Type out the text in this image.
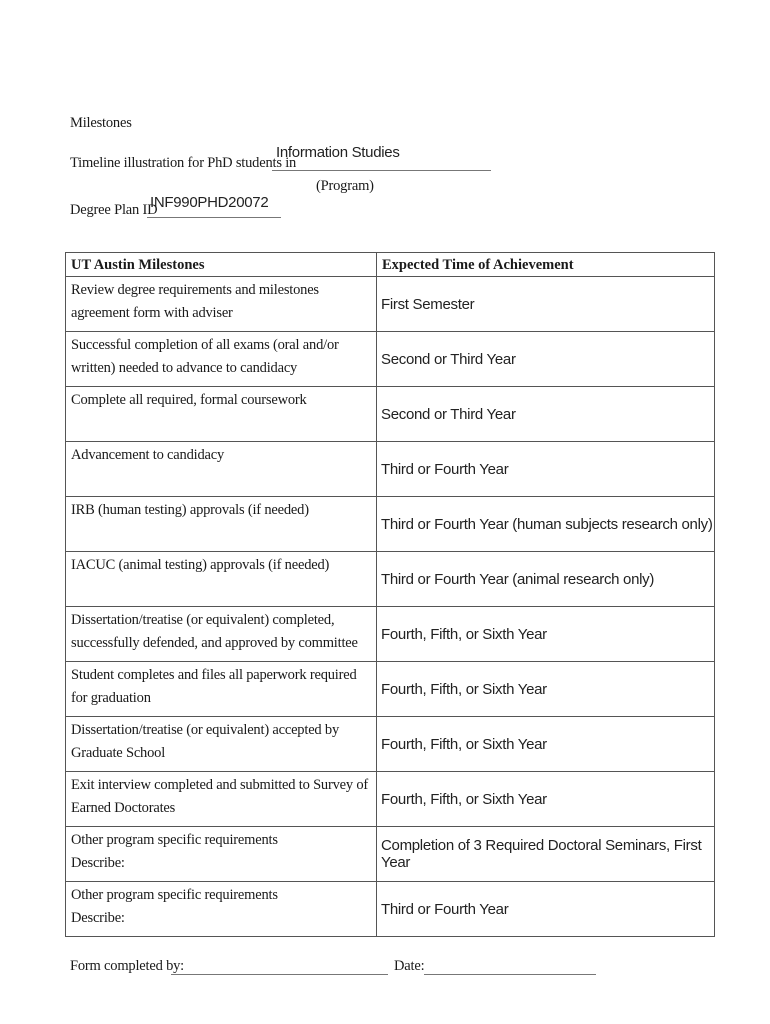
Milestones
Timeline illustration for PhD students in
Information Studies
(Program)
Degree Plan ID
INF990PHD20072
UT Austin Milestones	Expected Time of Achievement

Review degree requirements and milestones agreement form with adviser	First Semester

Successful completion of all exams (oral and/or written) needed to advance to candidacy	Second or Third Year

Complete all required, formal coursework	Second or Third Year

Advancement to candidacy	Third or Fourth Year

IRB (human testing) approvals (if needed)	Third or Fourth Year (human subjects research only)

IACUC (animal testing) approvals (if needed)	Third or Fourth Year (animal research only)

Dissertation/treatise (or equivalent) completed, successfully defended, and approved by committee	Fourth, Fifth, or Sixth Year

Student completes and files all paperwork required for graduation	Fourth, Fifth, or Sixth Year

Dissertation/treatise (or equivalent) accepted by Graduate School	Fourth, Fifth, or Sixth Year

Exit interview completed and submitted to Survey of Earned Doctorates	Fourth, Fifth, or Sixth Year

Other program specific requirements
Describe:	Completion of 3 Required Doctoral Seminars, First Year

Other program specific requirements
Describe:	Third or Fourth Year
Form completed by:	Date:
